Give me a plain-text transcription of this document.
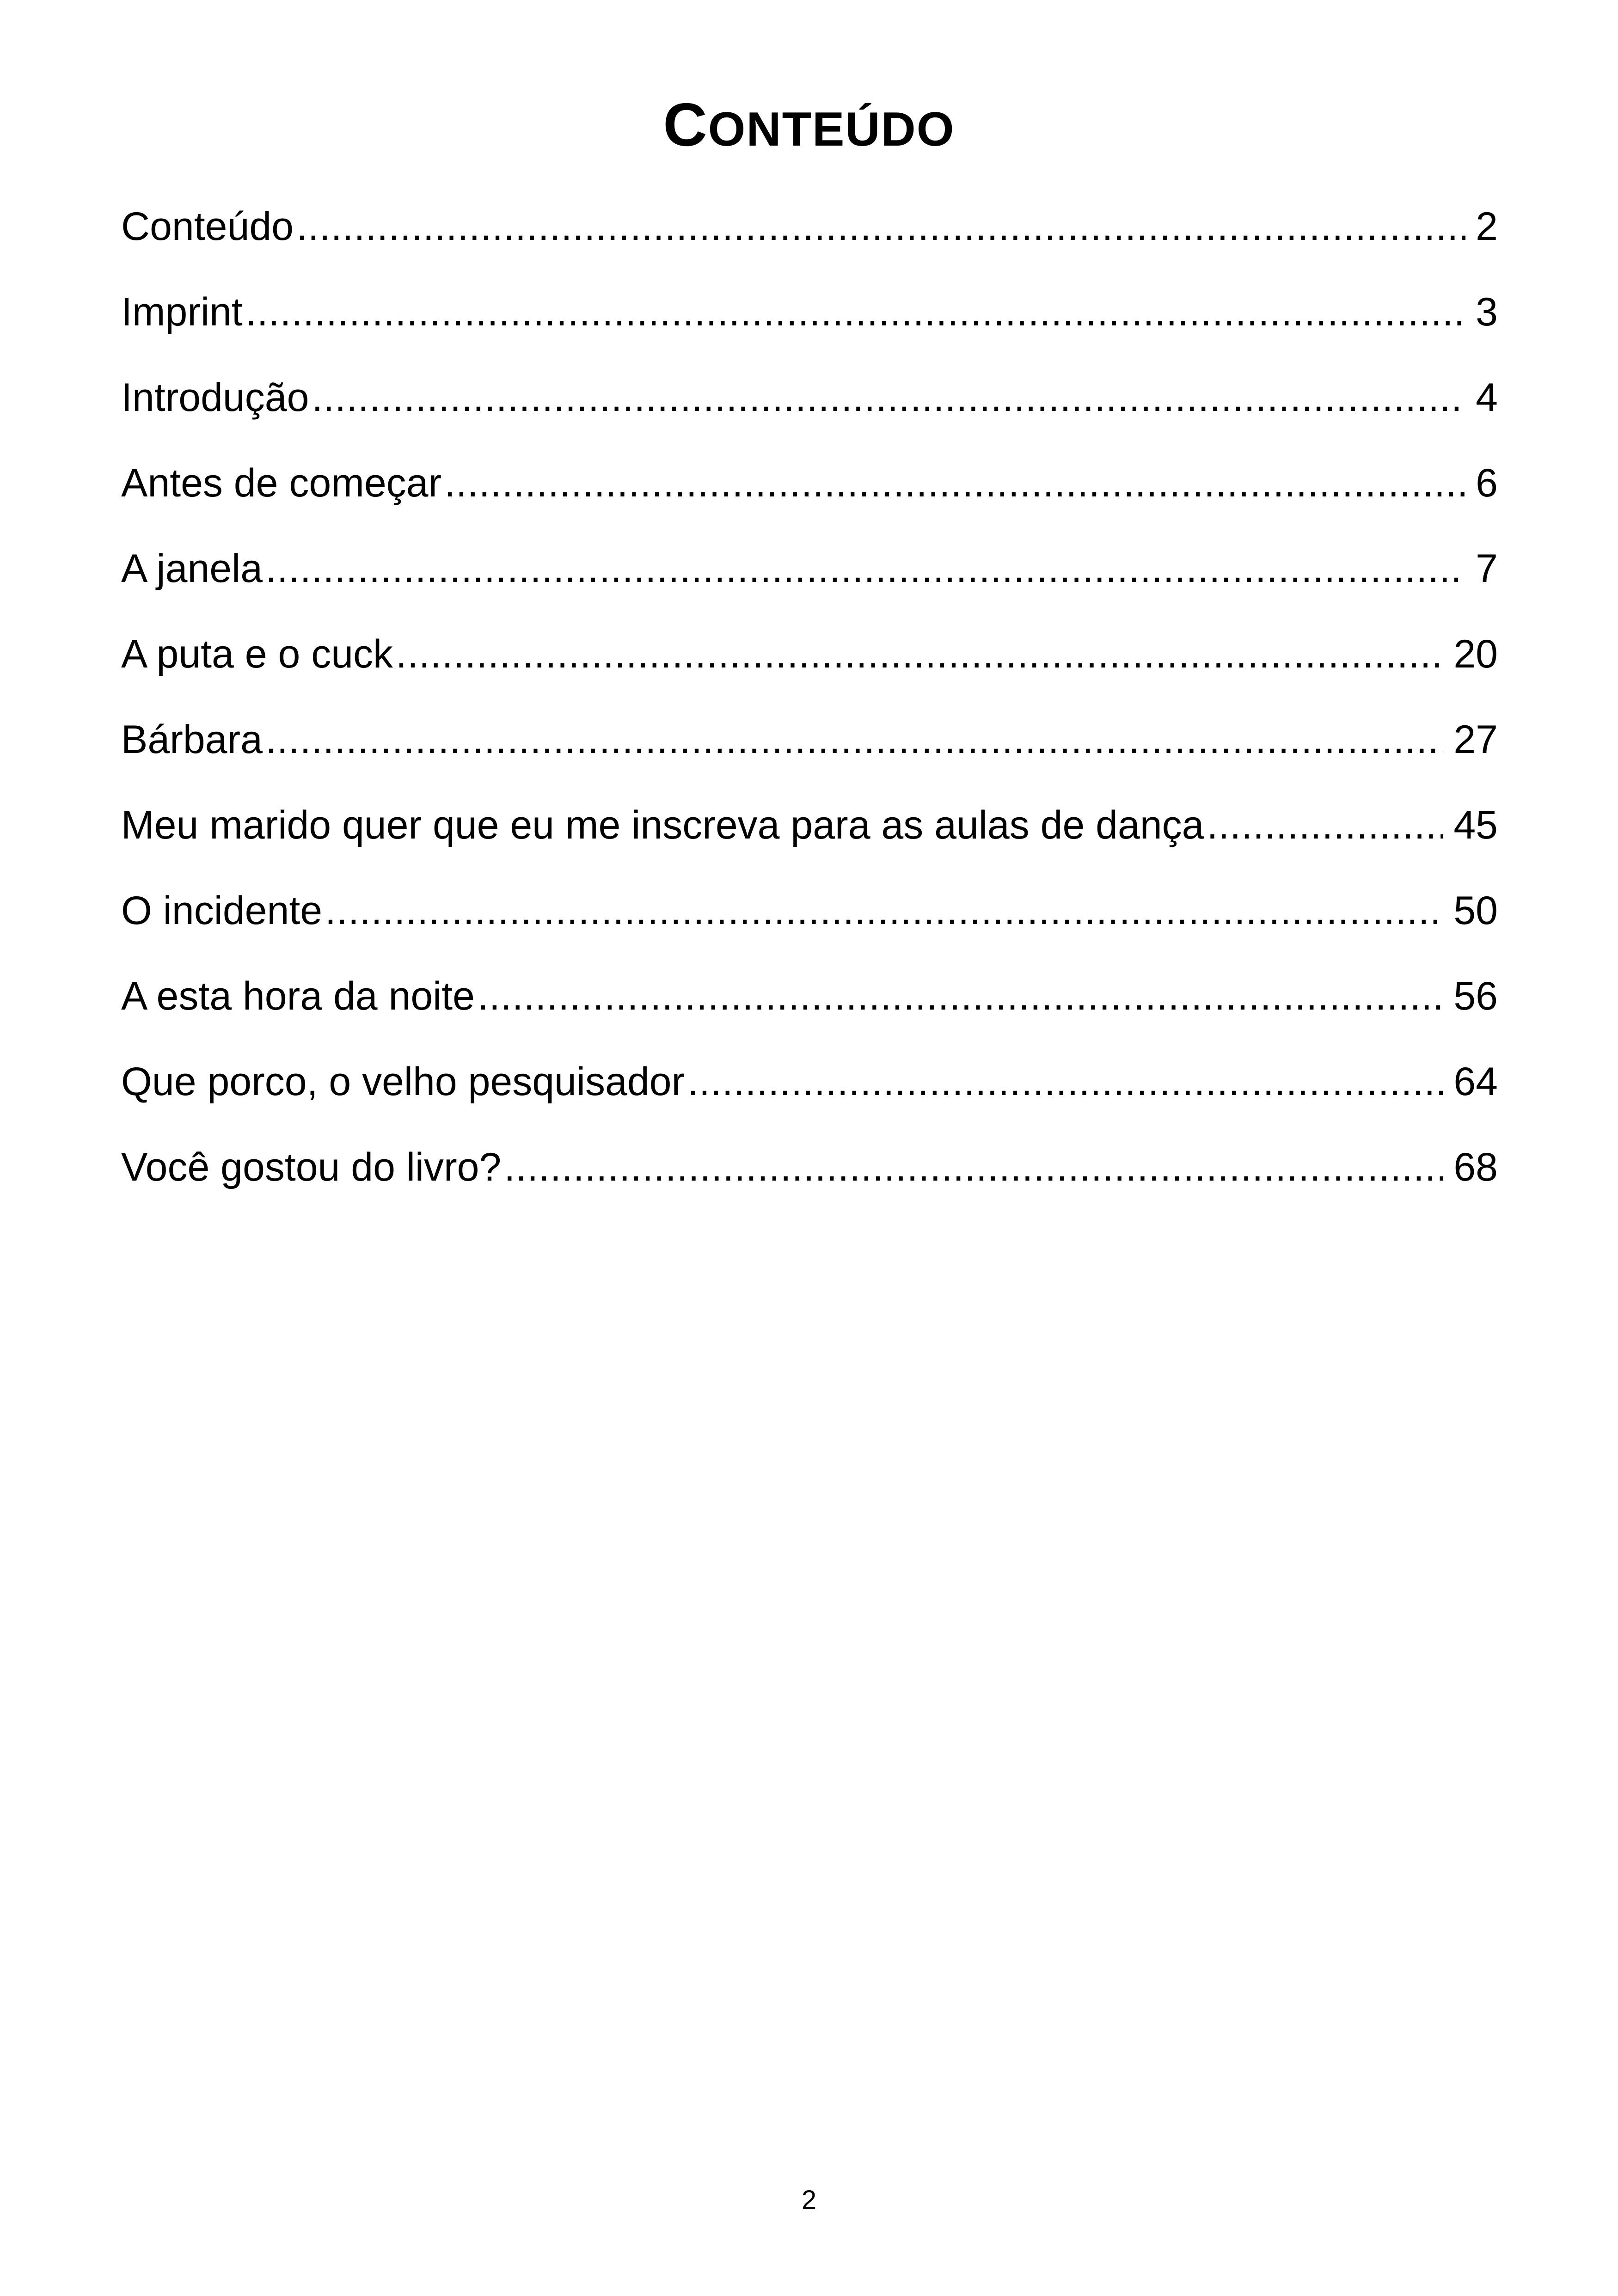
CONTEÚDO
Conteúdo .....	2
Imprint .....	3
Introdução .....	4
Antes de começar .....	6
A janela .....	7
A puta e o cuck .....	20
Bárbara .....	27
Meu marido quer que eu me inscreva para as aulas de dança .....	45
O incidente .....	50
A esta hora da noite .....	56
Que porco, o velho pesquisador .....	64
Você gostou do livro? .....	68
2
